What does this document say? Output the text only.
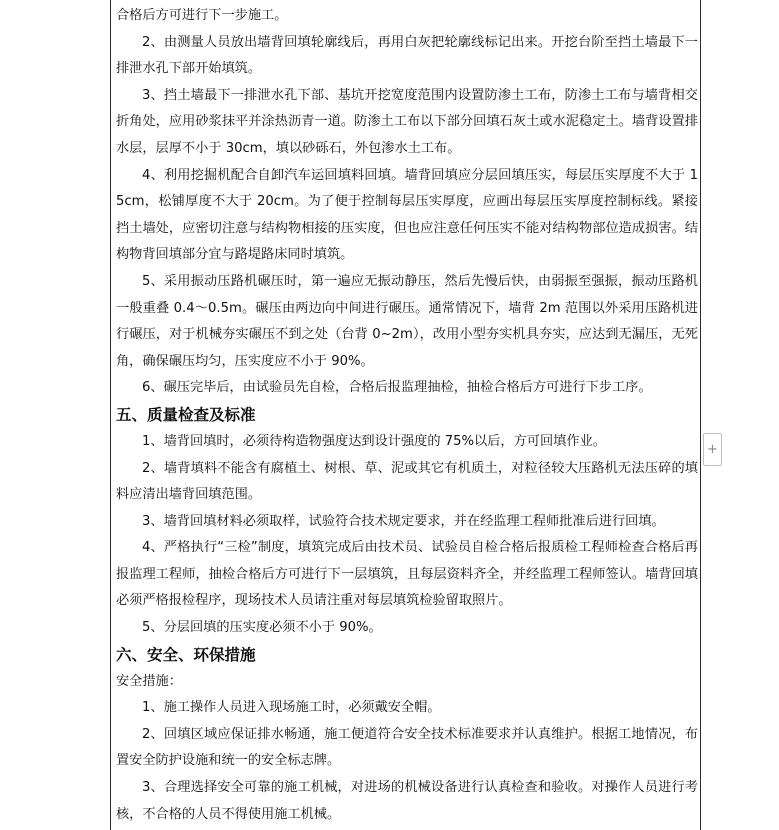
合格后方可进行下一步施工。

2、由测量人员放出墙背回填轮廓线后，再用白灰把轮廓线标记出来。开挖台阶至挡土墙最下一排泄水孔下部开始填筑。

3、挡土墙最下一排泄水孔下部、基坑开挖宽度范围内设置防渗土工布，防渗土工布与墙背相交折角处，应用砂浆抹平并涂热沥青一道。防渗土工布以下部分回填石灰土或水泥稳定土。墙背设置排水层，层厚不小于 30cm，填以砂砾石，外包渗水土工布。

4、利用挖掘机配合自卸汽车运回填料回填。墙背回填应分层回填压实，每层压实厚度不大于 15cm，松铺厚度不大于 20cm。为了便于控制每层压实厚度，应画出每层压实厚度控制标线。紧接挡土墙处，应密切注意与结构物相接的压实度，但也应注意任何压实不能对结构物部位造成损害。结构物背回填部分宜与路堤路床同时填筑。

5、采用振动压路机碾压时，第一遍应无振动静压，然后先慢后快，由弱振至强振，振动压路机一般重叠 0.4～0.5m。碾压由两边向中间进行碾压。通常情况下，墙背 2m 范围以外采用压路机进行碾压，对于机械夯实碾压不到之处（台背 0~2m），改用小型夯实机具夯实，应达到无漏压，无死角，确保碾压均匀，压实度应不小于 90%。

6、碾压完毕后，由试验员先自检，合格后报监理抽检，抽检合格后方可进行下步工序。

五、质量检查及标准

1、墙背回填时，必须待构造物强度达到设计强度的 75%以后，方可回填作业。

2、墙背填料不能含有腐植土、树根、草、泥或其它有机质土，对粒径较大压路机无法压碎的填料应清出墙背回填范围。

3、墙背回填材料必须取样，试验符合技术规定要求，并在经监理工程师批准后进行回填。

4、严格执行“三检”制度，填筑完成后由技术员、试验员自检合格后报质检工程师检查合格后再报监理工程师，抽检合格后方可进行下一层填筑，且每层资料齐全，并经监理工程师签认。墙背回填必须严格报检程序，现场技术人员请注重对每层填筑检验留取照片。

5、分层回填的压实度必须不小于 90%。

六、安全、环保措施

安全措施：

1、施工操作人员进入现场施工时，必须戴安全帽。

2、回填区域应保证排水畅通，施工便道符合安全技术标准要求并认真维护。根据工地情况，布置安全防护设施和统一的安全标志牌。

3、合理选择安全可靠的施工机械，对进场的机械设备进行认真检查和验收。对操作人员进行考核，不合格的人员不得使用施工机械。

+
